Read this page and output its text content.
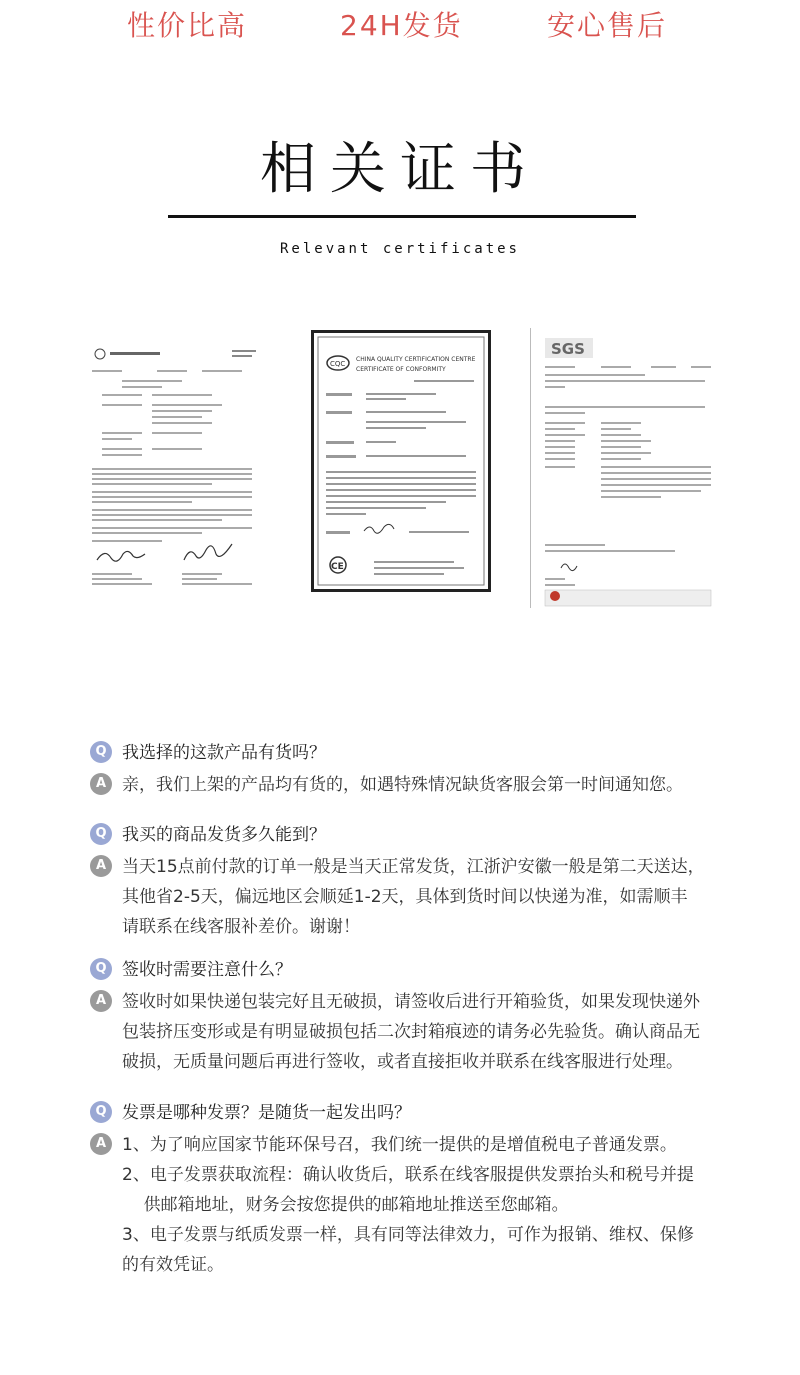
性价比高	24H发货	安心售后
相关证书
Relevant certificates
CQC
CHINA QUALITY CERTIFICATION CENTRE
CERTIFICATE OF CONFORMITY
CE
SGS
Q 我选择的这款产品有货吗？
A 亲，我们上架的产品均有货的，如遇特殊情况缺货客服会第一时间通知您。
Q 我买的商品发货多久能到？
A 当天15点前付款的订单一般是当天正常发货，江浙沪安徽一般是第二天送达，
其他省2-5天，偏远地区会顺延1-2天，具体到货时间以快递为准，如需顺丰
请联系在线客服补差价。谢谢！
Q 签收时需要注意什么？
A 签收时如果快递包装完好且无破损，请签收后进行开箱验货，如果发现快递外
包装挤压变形或是有明显破损包括二次封箱痕迹的请务必先验货。确认商品无
破损，无质量问题后再进行签收，或者直接拒收并联系在线客服进行处理。
Q 发票是哪种发票？是随货一起发出吗？
A 1、为了响应国家节能环保号召，我们统一提供的是增值税电子普通发票。
2、电子发票获取流程：确认收货后，联系在线客服提供发票抬头和税号并提
供邮箱地址，财务会按您提供的邮箱地址推送至您邮箱。
3、电子发票与纸质发票一样，具有同等法律效力，可作为报销、维权、保修
的有效凭证。
